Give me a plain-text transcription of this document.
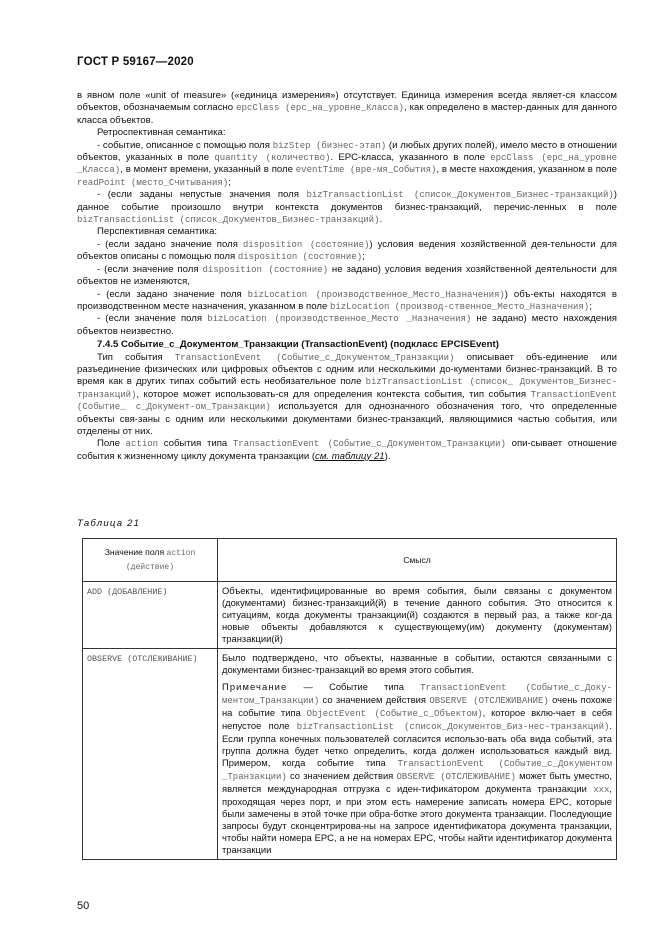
ГОСТ Р 59167—2020

в явном поле «unit of measure» («единица измерения») отсутствует. Единица измерения всегда являет-ся классом объектов, обозначаемым согласно epcClass (epc_на_уровне_Класса), как определено в мастер-данных для данного класса объектов.

Ретроспективная семантика:

- событие, описанное с помощью поля bizStep (бизнес-этап) (и любых других полей), имело место в отношении объектов, указанных в поле quantity (количество). EPC-класса, указанного в поле epcClass (epc_на_уровне _Класса), в момент времени, указанный в поле eventTime (вре-мя_События), в месте нахождения, указанном в поле readPoint (место_Считывания);

- (если заданы непустые значения поля bizTransactionList (список_Документов_Бизнес-транзакций)) данное событие произошло внутри контекста документов бизнес-транзакций, перечис-ленных в поле bizTransactionList (список_Документов_Бизнес-транзакций).

Перспективная семантика:

- (если задано значение поля disposition (состояние)) условия ведения хозяйственной дея-тельности для объектов описаны с помощью поля disposition (состояние);

- (если значение поля disposition (состояние) не задано) условия ведения хозяйственной деятельности для объектов не изменяются,

- (если задано значение поля bizLocation (производственное_Место_Назначения)) объ-екты находятся в производственном месте назначения, указанном в поле bizLocation (производ-ственное_Место_Назначения);

- (если значение поля bizLocation (производственное_Место _Назначения) не задано) место нахождения объектов неизвестно.

7.4.5 Событие_с_Документом_Транзакции (TransactionEvent) (подкласс EPCISEvent)

Тип события TransactionEvent (Событие_с_Документом_Транзакции) описывает объ-единение или разъединение физических или цифровых объектов с одним или несколькими до-кументами бизнес-транзакций. В то время как в других типах событий есть необязательное поле bizTransactionList (список_ Документов_Бизнес-транзакций), которое может использовать-ся для определения контекста события, тип события TransactionEvent (Событие_ с_Документ-ом_Транзакции) используется для однозначного обозначения того, что определенные объекты свя-заны с одним или несколькими документами бизнес-транзакций, являющимися частью события, или отделены от них.

Поле action события типа TransactionEvent (Событие_с_Документом_Транзакции) опи-сывает отношение события к жизненному циклу документа транзакции (см. таблицу 21).

Таблица 21
Значение поля action (действие)	Смысл
ADD (ДОБАВЛЕНИЕ)	Объекты, идентифицированные во время события, были связаны с документом (документами) бизнес-транзакций(й) в течение данного события. Это относится к ситуациям, когда документы транзакции(й) создаются в первый раз, а также ког-да новые объекты добавляются к существующему(им) документу (документам) транзакции(й)

OBSERVE (ОТСЛЕЖИВАНИЕ)	Было подтверждено, что объекты, названные в событии, остаются связанными с документами бизнес-транзакций во время этого события.

Примечание — Событие типа TransactionEvent (Событие_с_Доку-ментом_Транзакции) со значением действия OBSERVE (ОТСЛЕЖИВАНИЕ) очень похоже на событие типа ObjectEvent (Событие_с_Объектом), которое вклю-чает в себя непустое поле bizTransactionList (список_Документов_Биз-нес-транзакций). Если группа конечных пользователей согласится использо-вать оба вида событий, эта группа должна будет четко определить, когда должен использоваться каждый вид. Примером, когда событие типа TransactionEvent (Событие_с_Документом _Транзакции) со значением действия OBSERVE (ОТСЛЕЖИВАНИЕ) может быть уместно, является международная отгрузка с иден-тификатором документа транзакции xxx, проходящая через порт, и при этом есть намерение записать номера EPC, которые были замечены в этой точке при обра-ботке этого документа транзакции. Последующие запросы будут сконцентрирова-ны на запросе идентификатора документа транзакции, чтобы найти номера EPC, а не на номерах EPC, чтобы найти идентификатор документа транзакции

50
